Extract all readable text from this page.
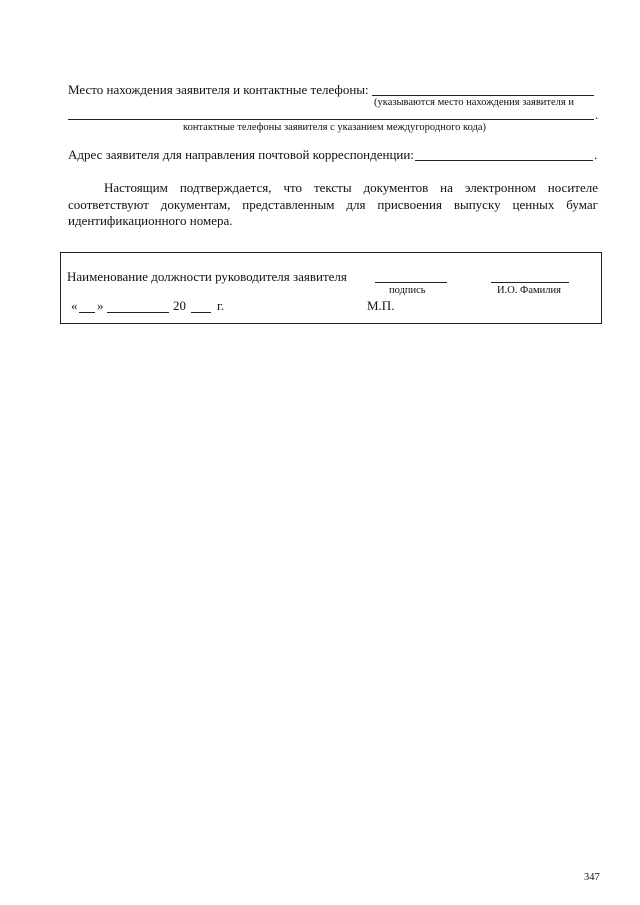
Место нахождения заявителя и контактные телефоны:
(указываются место нахождения заявителя и
.
контактные телефоны заявителя с указанием междугородного кода)
Адрес заявителя для направления почтовой корреспонденции:	.
Настоящим подтверждается, что тексты документов на электронном носителе соответствуют документам, представленным для присвоения выпуску ценных бумаг идентификационного номера.
Наименование должности руководителя заявителя
подпись	И.О. Фамилия
« »	20 г.	М.П.
347
